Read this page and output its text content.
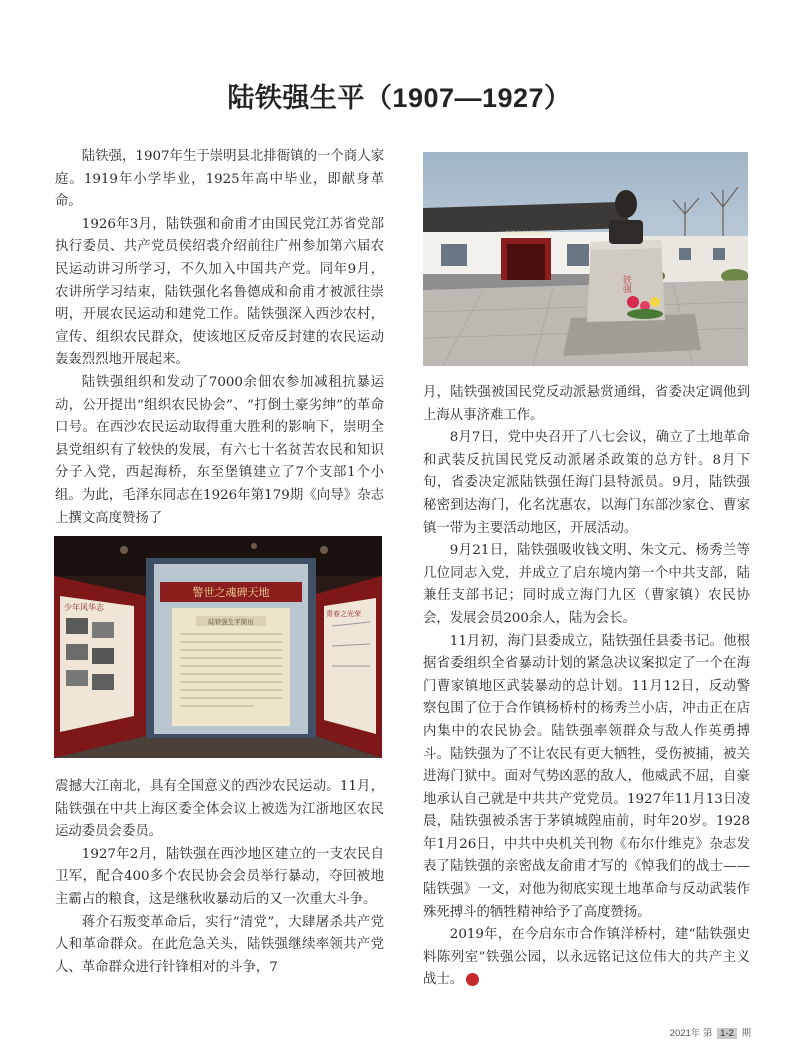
陆铁强生平（1907—1927）

陆铁强，1907年生于崇明县北排衙镇的一个商人家庭。1919年小学毕业，1925年高中毕业，即献身革命。

1926年3月，陆铁强和俞甫才由国民党江苏省党部执行委员、共产党员侯绍裘介绍前往广州参加第六届农民运动讲习所学习，不久加入中国共产党。同年9月，农讲所学习结束，陆铁强化名鲁德成和俞甫才被派往崇明，开展农民运动和建党工作。陆铁强深入西沙农村，宣传、组织农民群众，使该地区反帝反封建的农民运动轰轰烈烈地开展起来。

陆铁强组织和发动了7000余佃农参加减租抗暴运动，公开提出“组织农民协会”、“打倒土豪劣绅”的革命口号。在西沙农民运动取得重大胜利的影响下，崇明全县党组织有了较快的发展，有六七十名贫苦农民和知识分子入党，西起海桥，东至堡镇建立了7个支部1个小组。为此，毛泽东同志在1926年第179期《向导》杂志上撰文高度赞扬了

警世之魂碑天地
陆铁强生平简历
少年风华志
青春之光荣

震撼大江南北，具有全国意义的西沙农民运动。11月，陆铁强在中共上海区委全体会议上被选为江浙地区农民运动委员会委员。

1927年2月，陆铁强在西沙地区建立的一支农民自卫军，配合400多个农民协会会员举行暴动，夺回被地主霸占的粮食，这是继秋收暴动后的又一次重大斗争。

蒋介石叛变革命后，实行“清党”，大肆屠杀共产党人和革命群众。在此危急关头，陆铁强继续率领共产党人、革命群众进行针锋相对的斗争，7

陆铁强史料陈列室
铁强

月，陆铁强被国民党反动派悬赏通缉，省委决定调他到上海从事济难工作。

8月7日，党中央召开了八七会议，确立了土地革命和武装反抗国民党反动派屠杀政策的总方针。8月下旬，省委决定派陆铁强任海门县特派员。9月，陆铁强秘密到达海门，化名沈惠农，以海门东部沙家仓、曹家镇一带为主要活动地区，开展活动。

9月21日，陆铁强吸收钱文明、朱文元、杨秀兰等几位同志入党，并成立了启东境内第一个中共支部，陆兼任支部书记；同时成立海门九区（曹家镇）农民协会，发展会员200余人，陆为会长。

11月初，海门县委成立，陆铁强任县委书记。他根据省委组织全省暴动计划的紧急决议案拟定了一个在海门曹家镇地区武装暴动的总计划。11月12日，反动警察包围了位于合作镇杨桥村的杨秀兰小店，冲击正在店内集中的农民协会。陆铁强率领群众与敌人作英勇搏斗。陆铁强为了不让农民有更大牺牲，受伤被捕，被关进海门狱中。面对气势凶恶的敌人，他威武不屈，自豪地承认自己就是中共共产党党员。1927年11月13日凌晨，陆铁强被杀害于茅镇城隍庙前，时年20岁。1928年1月26日，中共中央机关刊物《布尔什维克》杂志发表了陆铁强的亲密战友俞甫才写的《悼我们的战士——陆铁强》一文，对他为彻底实现土地革命与反动武装作殊死搏斗的牺牲精神给予了高度赞扬。

2019年，在今启东市合作镇洋桥村，建“陆铁强史料陈列室”铁强公园，以永远铭记这位伟大的共产主义战士。	龙

2021年 第 1-2 期
